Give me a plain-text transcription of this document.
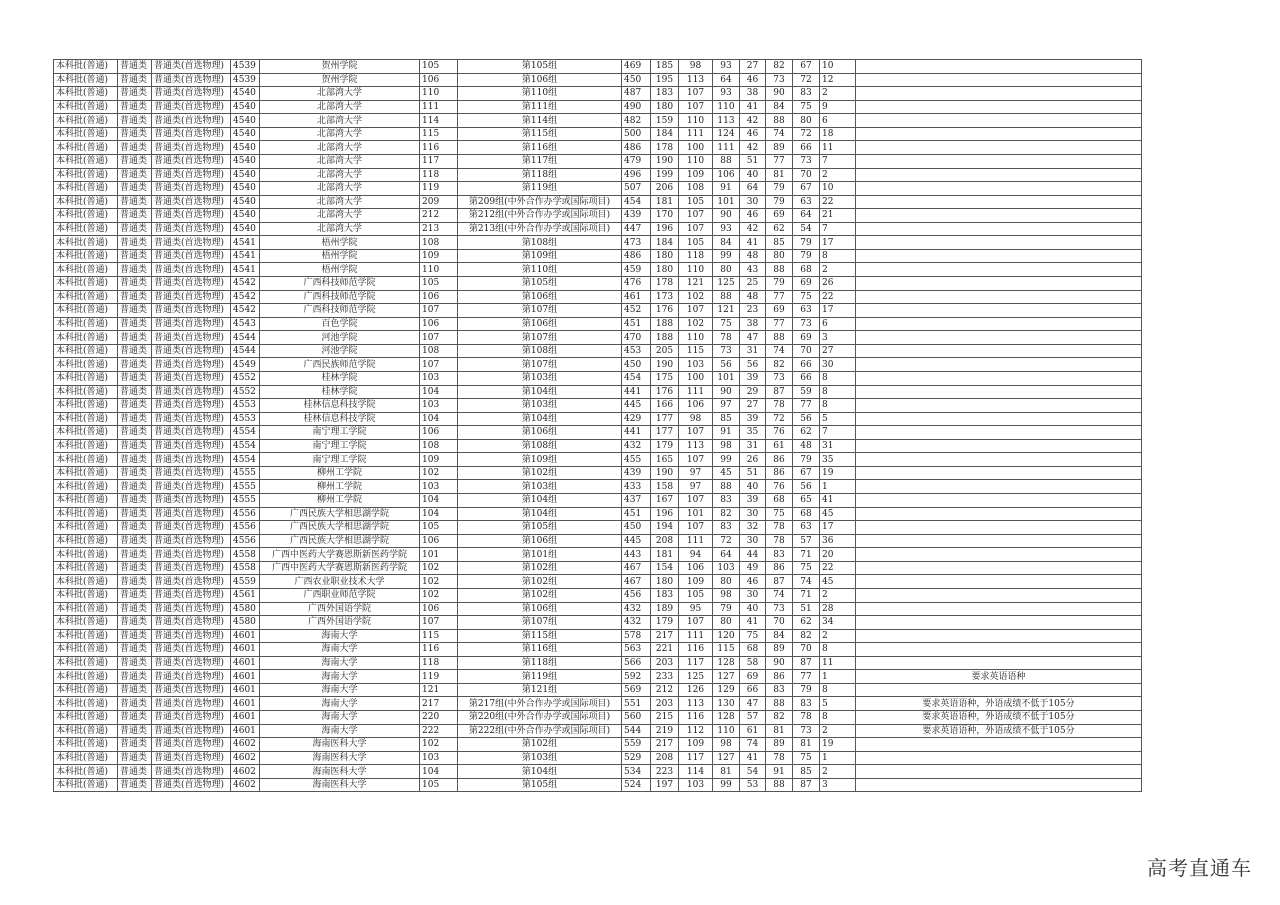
本科批(普通)	普通类	普通类(首选物理)	4539	贺州学院	105	第105组	469	185	98	93	27	82	67	10	
本科批(普通)	普通类	普通类(首选物理)	4539	贺州学院	106	第106组	450	195	113	64	46	73	72	12	
本科批(普通)	普通类	普通类(首选物理)	4540	北部湾大学	110	第110组	487	183	107	93	38	90	83	2	
本科批(普通)	普通类	普通类(首选物理)	4540	北部湾大学	111	第111组	490	180	107	110	41	84	75	9	
本科批(普通)	普通类	普通类(首选物理)	4540	北部湾大学	114	第114组	482	159	110	113	42	88	80	6	
本科批(普通)	普通类	普通类(首选物理)	4540	北部湾大学	115	第115组	500	184	111	124	46	74	72	18	
本科批(普通)	普通类	普通类(首选物理)	4540	北部湾大学	116	第116组	486	178	100	111	42	89	66	11	
本科批(普通)	普通类	普通类(首选物理)	4540	北部湾大学	117	第117组	479	190	110	88	51	77	73	7	
本科批(普通)	普通类	普通类(首选物理)	4540	北部湾大学	118	第118组	496	199	109	106	40	81	70	2	
本科批(普通)	普通类	普通类(首选物理)	4540	北部湾大学	119	第119组	507	206	108	91	64	79	67	10	
本科批(普通)	普通类	普通类(首选物理)	4540	北部湾大学	209	第209组(中外合作办学或国际项目)	454	181	105	101	30	79	63	22	
本科批(普通)	普通类	普通类(首选物理)	4540	北部湾大学	212	第212组(中外合作办学或国际项目)	439	170	107	90	46	69	64	21	
本科批(普通)	普通类	普通类(首选物理)	4540	北部湾大学	213	第213组(中外合作办学或国际项目)	447	196	107	93	42	62	54	7	
本科批(普通)	普通类	普通类(首选物理)	4541	梧州学院	108	第108组	473	184	105	84	41	85	79	17	
本科批(普通)	普通类	普通类(首选物理)	4541	梧州学院	109	第109组	486	180	118	99	48	80	79	8	
本科批(普通)	普通类	普通类(首选物理)	4541	梧州学院	110	第110组	459	180	110	80	43	88	68	2	
本科批(普通)	普通类	普通类(首选物理)	4542	广西科技师范学院	105	第105组	476	178	121	125	25	79	69	26	
本科批(普通)	普通类	普通类(首选物理)	4542	广西科技师范学院	106	第106组	461	173	102	88	48	77	75	22	
本科批(普通)	普通类	普通类(首选物理)	4542	广西科技师范学院	107	第107组	452	176	107	121	23	69	63	17	
本科批(普通)	普通类	普通类(首选物理)	4543	百色学院	106	第106组	451	188	102	75	38	77	73	6	
本科批(普通)	普通类	普通类(首选物理)	4544	河池学院	107	第107组	470	188	110	78	47	88	69	3	
本科批(普通)	普通类	普通类(首选物理)	4544	河池学院	108	第108组	453	205	115	73	31	74	70	27	
本科批(普通)	普通类	普通类(首选物理)	4549	广西民族师范学院	107	第107组	450	190	103	56	56	82	66	30	
本科批(普通)	普通类	普通类(首选物理)	4552	桂林学院	103	第103组	454	175	100	101	39	73	66	8	
本科批(普通)	普通类	普通类(首选物理)	4552	桂林学院	104	第104组	441	176	111	90	29	87	59	8	
本科批(普通)	普通类	普通类(首选物理)	4553	桂林信息科技学院	103	第103组	445	166	106	97	27	78	77	8	
本科批(普通)	普通类	普通类(首选物理)	4553	桂林信息科技学院	104	第104组	429	177	98	85	39	72	56	5	
本科批(普通)	普通类	普通类(首选物理)	4554	南宁理工学院	106	第106组	441	177	107	91	35	76	62	7	
本科批(普通)	普通类	普通类(首选物理)	4554	南宁理工学院	108	第108组	432	179	113	98	31	61	48	31	
本科批(普通)	普通类	普通类(首选物理)	4554	南宁理工学院	109	第109组	455	165	107	99	26	86	79	35	
本科批(普通)	普通类	普通类(首选物理)	4555	柳州工学院	102	第102组	439	190	97	45	51	86	67	19	
本科批(普通)	普通类	普通类(首选物理)	4555	柳州工学院	103	第103组	433	158	97	88	40	76	56	1	
本科批(普通)	普通类	普通类(首选物理)	4555	柳州工学院	104	第104组	437	167	107	83	39	68	65	41	
本科批(普通)	普通类	普通类(首选物理)	4556	广西民族大学相思湖学院	104	第104组	451	196	101	82	30	75	68	45	
本科批(普通)	普通类	普通类(首选物理)	4556	广西民族大学相思湖学院	105	第105组	450	194	107	83	32	78	63	17	
本科批(普通)	普通类	普通类(首选物理)	4556	广西民族大学相思湖学院	106	第106组	445	208	111	72	30	78	57	36	
本科批(普通)	普通类	普通类(首选物理)	4558	广西中医药大学赛恩斯新医药学院	101	第101组	443	181	94	64	44	83	71	20	
本科批(普通)	普通类	普通类(首选物理)	4558	广西中医药大学赛恩斯新医药学院	102	第102组	467	154	106	103	49	86	75	22	
本科批(普通)	普通类	普通类(首选物理)	4559	广西农业职业技术大学	102	第102组	467	180	109	80	46	87	74	45	
本科批(普通)	普通类	普通类(首选物理)	4561	广西职业师范学院	102	第102组	456	183	105	98	30	74	71	2	
本科批(普通)	普通类	普通类(首选物理)	4580	广西外国语学院	106	第106组	432	189	95	79	40	73	51	28	
本科批(普通)	普通类	普通类(首选物理)	4580	广西外国语学院	107	第107组	432	179	107	80	41	70	62	34	
本科批(普通)	普通类	普通类(首选物理)	4601	海南大学	115	第115组	578	217	111	120	75	84	82	2	
本科批(普通)	普通类	普通类(首选物理)	4601	海南大学	116	第116组	563	221	116	115	68	89	70	8	
本科批(普通)	普通类	普通类(首选物理)	4601	海南大学	118	第118组	566	203	117	128	58	90	87	11	
本科批(普通)	普通类	普通类(首选物理)	4601	海南大学	119	第119组	592	233	125	127	69	86	77	1	要求英语语种
本科批(普通)	普通类	普通类(首选物理)	4601	海南大学	121	第121组	569	212	126	129	66	83	79	8	
本科批(普通)	普通类	普通类(首选物理)	4601	海南大学	217	第217组(中外合作办学或国际项目)	551	203	113	130	47	88	83	5	要求英语语种，外语成绩不低于105分
本科批(普通)	普通类	普通类(首选物理)	4601	海南大学	220	第220组(中外合作办学或国际项目)	560	215	116	128	57	82	78	8	要求英语语种，外语成绩不低于105分
本科批(普通)	普通类	普通类(首选物理)	4601	海南大学	222	第222组(中外合作办学或国际项目)	544	219	112	110	61	81	73	2	要求英语语种，外语成绩不低于105分
本科批(普通)	普通类	普通类(首选物理)	4602	海南医科大学	102	第102组	559	217	109	98	74	89	81	19	
本科批(普通)	普通类	普通类(首选物理)	4602	海南医科大学	103	第103组	529	208	117	127	41	78	75	1	
本科批(普通)	普通类	普通类(首选物理)	4602	海南医科大学	104	第104组	534	223	114	81	54	91	85	2	
本科批(普通)	普通类	普通类(首选物理)	4602	海南医科大学	105	第105组	524	197	103	99	53	88	87	3	
高考直通车
